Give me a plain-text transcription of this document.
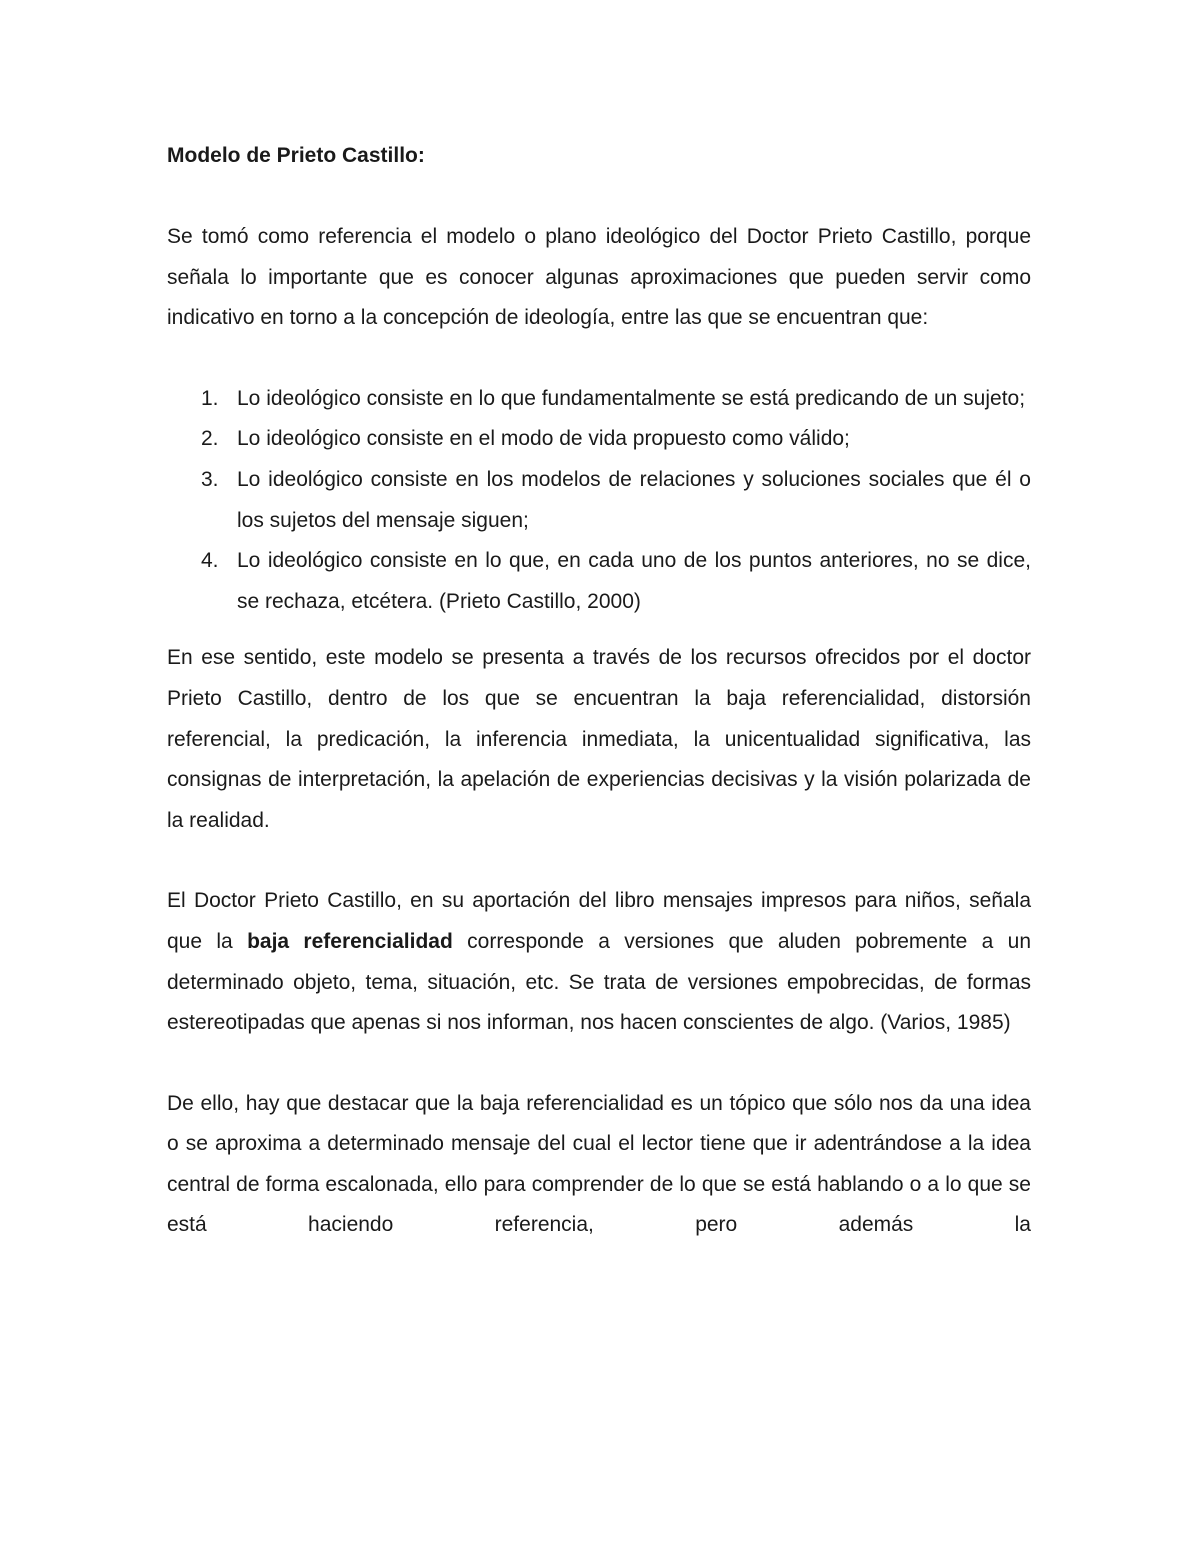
Modelo de Prieto Castillo:

Se tomó como referencia el modelo o plano ideológico del Doctor Prieto Castillo, porque señala lo importante que es conocer algunas aproximaciones que pueden servir como indicativo en torno a la concepción de ideología, entre las que se encuentran que:

1. Lo ideológico consiste en lo que fundamentalmente se está predicando de un sujeto;
2. Lo ideológico consiste en el modo de vida propuesto como válido;
3. Lo ideológico consiste en los modelos de relaciones y soluciones sociales que él o los sujetos del mensaje siguen;
4. Lo ideológico consiste en lo que, en cada uno de los puntos anteriores, no se dice, se rechaza, etcétera. (Prieto Castillo, 2000)

En ese sentido, este modelo se presenta a través de los recursos ofrecidos por el doctor Prieto Castillo, dentro de los que se encuentran la baja referencialidad, distorsión referencial, la predicación, la inferencia inmediata, la unicentualidad significativa, las consignas de interpretación, la apelación de experiencias decisivas y la visión polarizada de la realidad.

El Doctor Prieto Castillo, en su aportación del libro mensajes impresos para niños, señala que la baja referencialidad corresponde a versiones que aluden pobremente a un determinado objeto, tema, situación, etc. Se trata de versiones empobrecidas, de formas estereotipadas que apenas si nos informan, nos hacen conscientes de algo. (Varios, 1985)

De ello, hay que destacar que la baja referencialidad es un tópico que sólo nos da una idea o se aproxima a determinado mensaje del cual el lector tiene que ir adentrándose a la idea central de forma escalonada, ello para comprender de lo que se está hablando o a lo que se está haciendo referencia, pero además la
